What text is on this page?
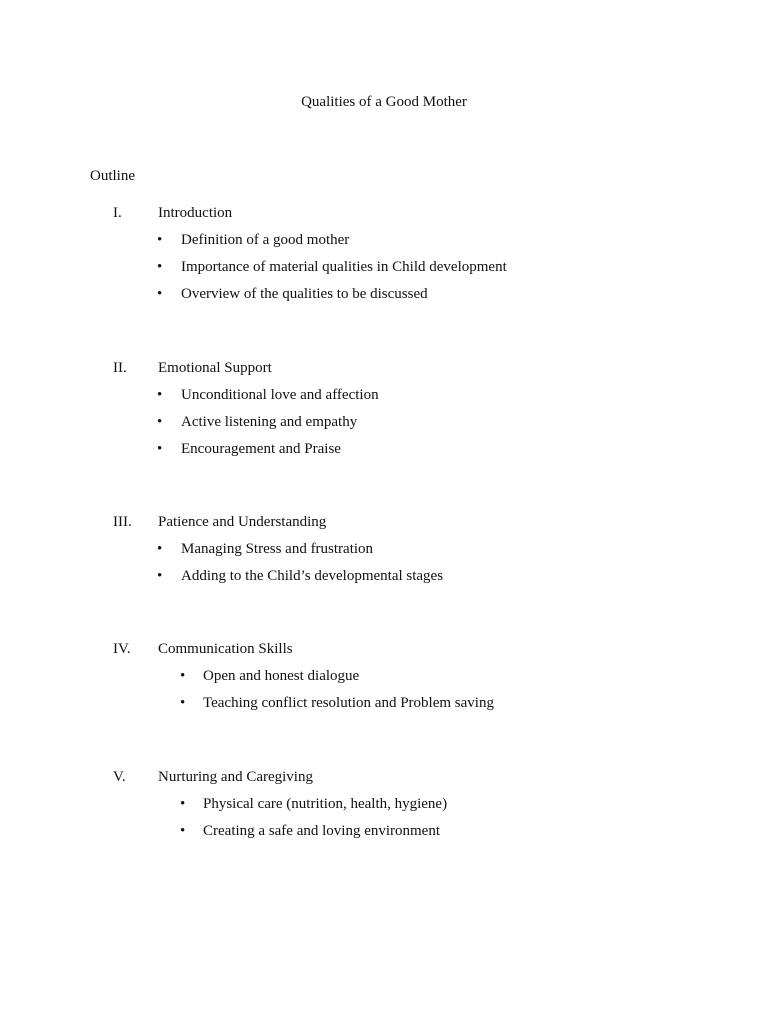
Qualities of a Good Mother
Outline
I. Introduction
• Definition of a good mother
• Importance of material qualities in Child development
• Overview of the qualities to be discussed
II. Emotional Support
• Unconditional love and affection
• Active listening and empathy
• Encouragement and Praise
III. Patience and Understanding
• Managing Stress and frustration
• Adding to the Child’s developmental stages
IV. Communication Skills
• Open and honest dialogue
• Teaching conflict resolution and Problem saving
V. Nurturing and Caregiving
• Physical care (nutrition, health, hygiene)
• Creating a safe and loving environment
